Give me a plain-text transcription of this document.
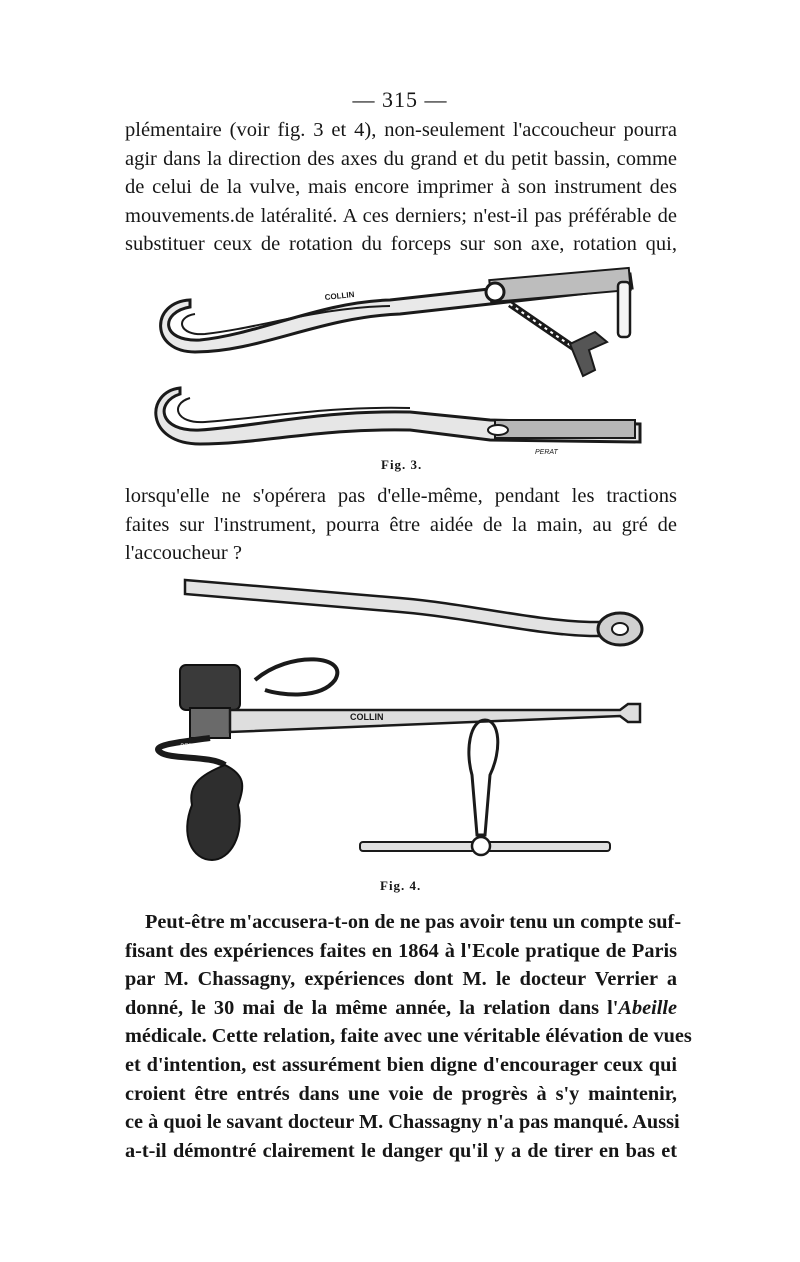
— 315 —
plémentaire (voir fig. 3 et 4), non-seulement l'accoucheur pourra
agir dans la direction des axes du grand et du petit bassin, comme
de celui de la vulve, mais encore imprimer à son instrument des
mouvements.de latéralité. A ces derniers; n'est-il pas préférable de
substituer ceux de rotation du forceps sur son axe, rotation qui,
COLLIN
PERAT
Fig. 3.
lorsqu'elle ne s'opérera pas d'elle-même, pendant les tractions
faites sur l'instrument, pourra être aidée de la main, au gré de
l'accoucheur ?
COLLIN
PERAT
Fig. 4.
Peut-être m'accusera-t-on de ne pas avoir tenu un compte suf-
fisant des expériences faites en 1864 à l'Ecole pratique de Paris
par M. Chassagny, expériences dont M. le docteur Verrier a
donné, le 30 mai de la même année, la relation dans l'Abeille
médicale. Cette relation, faite avec une véritable élévation de vues
et d'intention, est assurément bien digne d'encourager ceux qui
croient être entrés dans une voie de progrès à s'y maintenir,
ce à quoi le savant docteur M. Chassagny n'a pas manqué. Aussi
a-t-il démontré clairement le danger qu'il y a de tirer en bas et
